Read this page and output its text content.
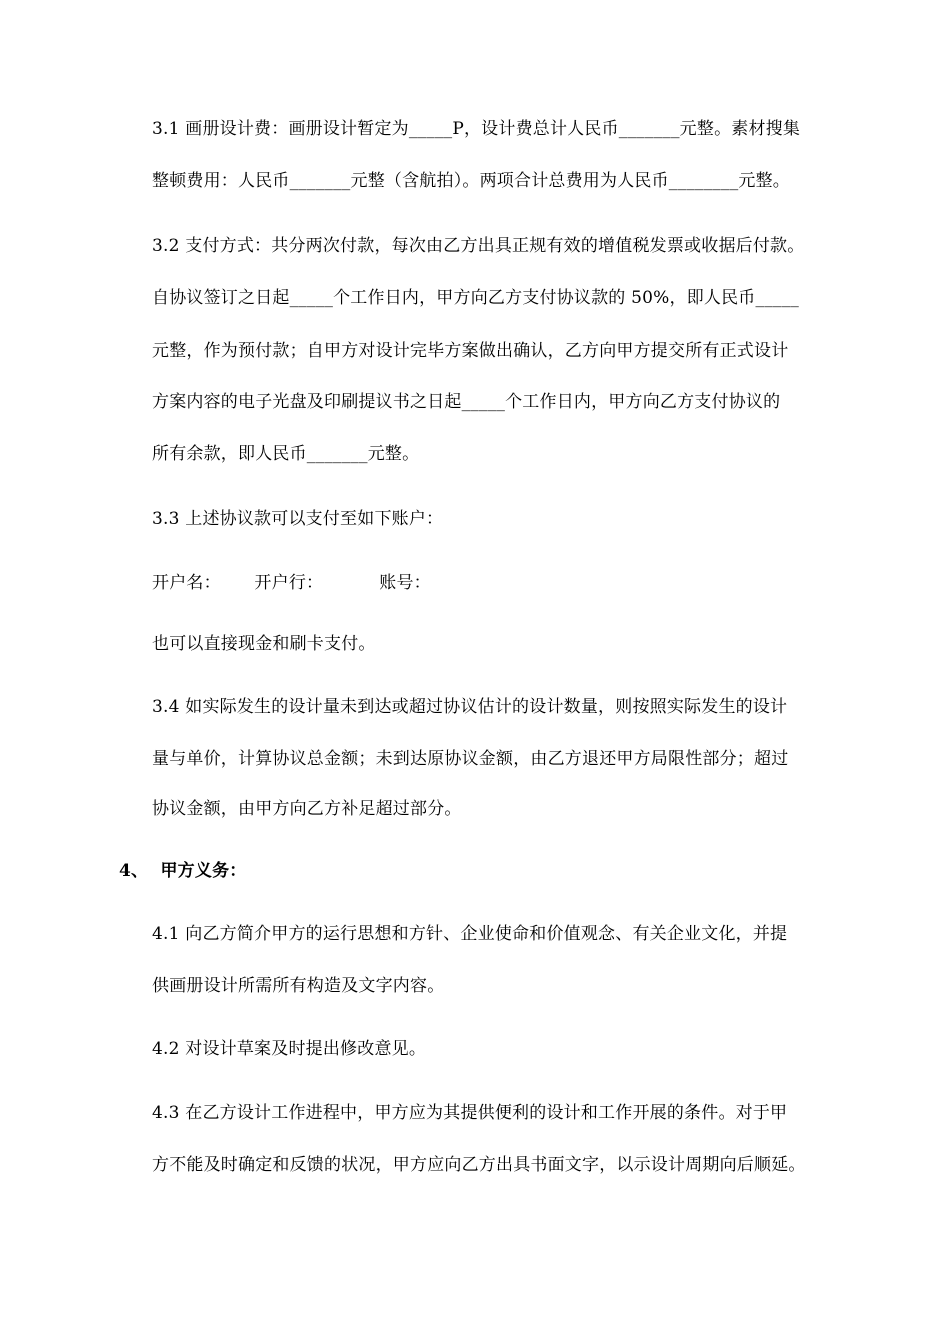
3.1 画册设计费：画册设计暂定为_____P，设计费总计人民币_______元整。素材搜集
整顿费用：人民币_______元整（含航拍）。两项合计总费用为人民币________元整。
3.2 支付方式：共分两次付款，每次由乙方出具正规有效的增值税发票或收据后付款。
自协议签订之日起_____个工作日内，甲方向乙方支付协议款的 50%，即人民币_____
元整，作为预付款；自甲方对设计完毕方案做出确认，乙方向甲方提交所有正式设计
方案内容的电子光盘及印刷提议书之日起_____个工作日内，甲方向乙方支付协议的
所有余款，即人民币_______元整。
3.3 上述协议款可以支付至如下账户：
开户名：      开户行：          账号：
也可以直接现金和刷卡支付。
3.4 如实际发生的设计量未到达或超过协议估计的设计数量，则按照实际发生的设计
量与单价，计算协议总金额；未到达原协议金额，由乙方退还甲方局限性部分；超过
协议金额，由甲方向乙方补足超过部分。
4、  甲方义务：
4.1 向乙方简介甲方的运行思想和方针、企业使命和价值观念、有关企业文化，并提
供画册设计所需所有构造及文字内容。
4.2 对设计草案及时提出修改意见。
4.3 在乙方设计工作进程中，甲方应为其提供便利的设计和工作开展的条件。对于甲
方不能及时确定和反馈的状况，甲方应向乙方出具书面文字，以示设计周期向后顺延。
